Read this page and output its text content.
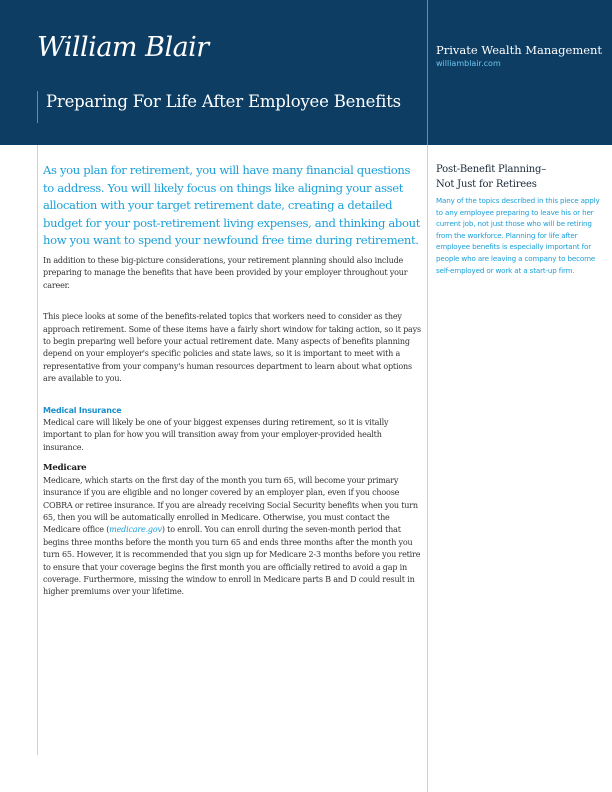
William Blair	Private Wealth Management
williamblair.com
Preparing For Life After Employee Benefits

As you plan for retirement, you will have many financial questions to address. You will likely focus on things like aligning your asset allocation with your target retirement date, creating a detailed budget for your post-retirement living expenses, and thinking about how you want to spend your newfound free time during retirement.

In addition to these big-picture considerations, your retirement planning should also include preparing to manage the benefits that have been provided by your employer throughout your career.

This piece looks at some of the benefits-related topics that workers need to consider as they approach retirement. Some of these items have a fairly short window for taking action, so it pays to begin preparing well before your actual retirement date. Many aspects of benefits planning depend on your employer's specific policies and state laws, so it is important to meet with a representative from your company's human resources department to learn about what options are available to you.

Medical Insurance

Medical care will likely be one of your biggest expenses during retirement, so it is vitally important to plan for how you will transition away from your employer-provided health insurance.

Medicare

Medicare, which starts on the first day of the month you turn 65, will become your primary insurance if you are eligible and no longer covered by an employer plan, even if you choose COBRA or retiree insurance. If you are already receiving Social Security benefits when you turn 65, then you will be automatically enrolled in Medicare. Otherwise, you must contact the Medicare office (medicare.gov) to enroll. You can enroll during the seven-month period that begins three months before the month you turn 65 and ends three months after the month you turn 65. However, it is recommended that you sign up for Medicare 2-3 months before you retire to ensure that your coverage begins the first month you are officially retired to avoid a gap in coverage. Furthermore, missing the window to enroll in Medicare parts B and D could result in higher premiums over your lifetime.

Post-Benefit Planning–
Not Just for Retirees
Many of the topics described in this piece apply to any employee preparing to leave his or her current job, not just those who will be retiring from the workforce. Planning for life after employee benefits is especially important for people who are leaving a company to become self-employed or work at a start-up firm.
